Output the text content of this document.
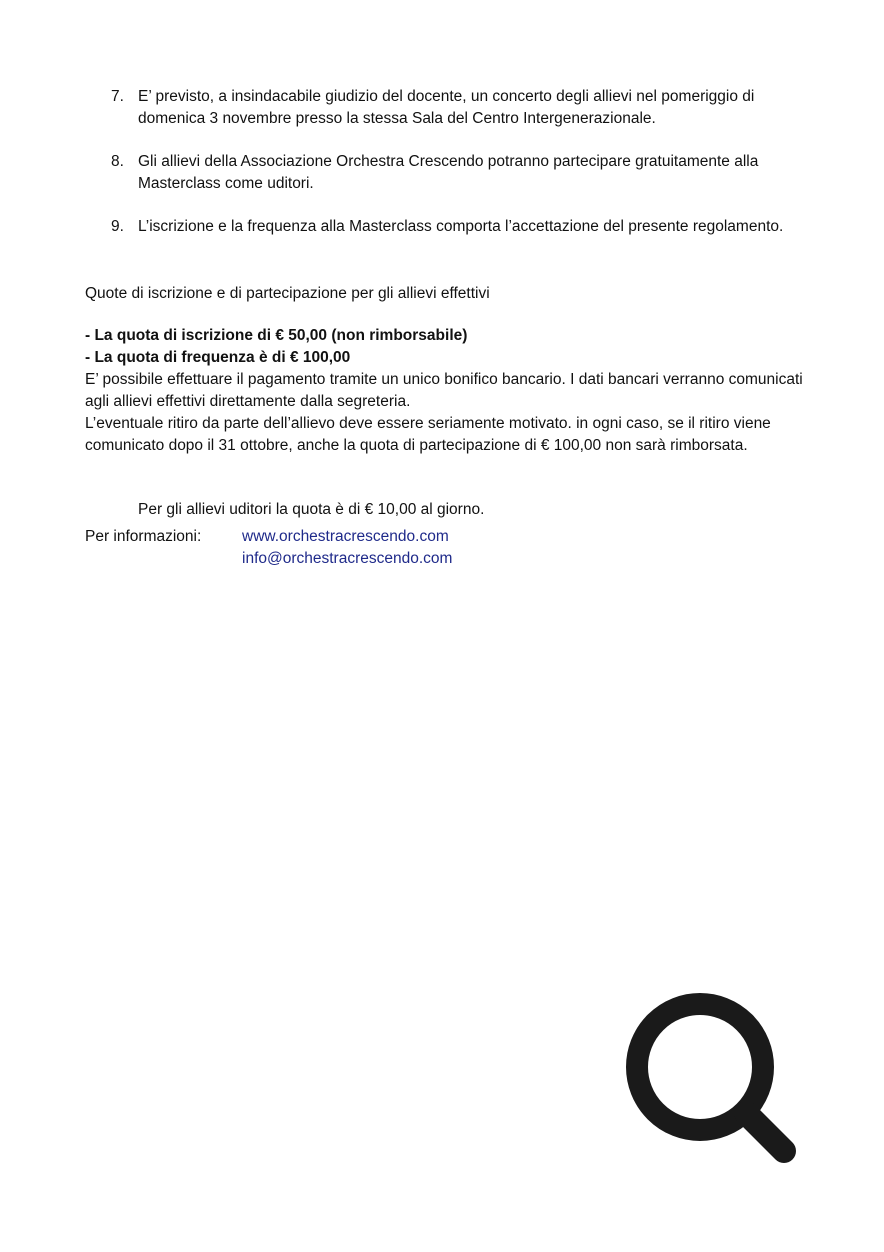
7. E’ previsto, a insindacabile giudizio del docente, un concerto degli allievi nel pomeriggio di domenica 3 novembre presso la stessa Sala del Centro Intergenerazionale.
8. Gli allievi della Associazione Orchestra Crescendo potranno partecipare gratuitamente alla Masterclass come uditori.
9. L’iscrizione e la frequenza alla Masterclass comporta l’accettazione del presente regolamento.
Quote di iscrizione e di partecipazione per gli allievi effettivi
- La quota di iscrizione di € 50,00 (non rimborsabile)
- La quota di frequenza è di € 100,00
E’ possibile effettuare il pagamento tramite un unico bonifico bancario. I dati bancari verranno comunicati agli allievi effettivi direttamente dalla segreteria.
L’eventuale ritiro da parte dell’allievo deve essere seriamente motivato. in ogni caso, se il ritiro viene comunicato dopo il 31 ottobre, anche la quota di partecipazione di € 100,00 non sarà rimborsata.
Per gli allievi uditori la quota è di € 10,00 al giorno.
Per informazioni:	www.orchestracrescendo.com
info@orchestracrescendo.com
